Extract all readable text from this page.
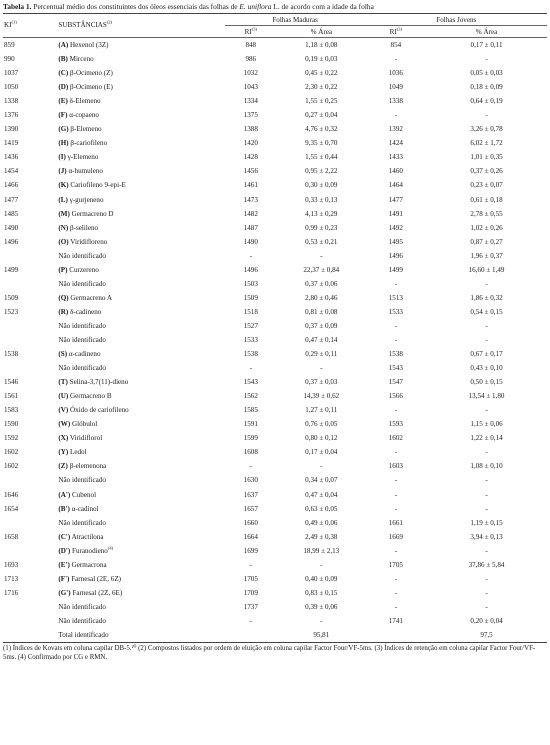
Tabela 1. Percentual médio dos constituintes dos óleos essenciais das folhas de E. uniflora L. de acordo com a idade da folha

KI$^{(1)}$	SUBSTÂNCIAS$^{(2)}$	Folhas Maduras		Folhas Jovens	
		RI$^{(3)}$	% Área	RI$^{(3)}$	% Área
859	(A) Hexenol (3Z)	848	1,18 ± 0,08	854	0,17 ± 0,11
990	(B) Mirceno	986	0,19 ± 0,03	-	-
1037	(C) β-Ocimeno (Z)	1032	0,45 ± 0,22	1036	0,05 ± 0,03
1050	(D) β-Ocimeno (E)	1043	2,30 ± 0,22	1049	0,18 ± 0,09
1338	(E) δ-Elemeno	1334	1,55 ± 0,25	1338	0,64 ± 0,19
1376	(F) α-copaeno	1375	0,27 ± 0,04	-	-
1390	(G) β-Elemeno	1388	4,76 ± 0,32	1392	3,26 ± 0,78
1419	(H) β-cariofileno	1420	9,35 ± 0,70	1424	6,02 ± 1,72
1436	(I) γ-Elemeno	1428	1,55 ± 0,44	1433	1,01 ± 0,35
1454	(J) α-humuleno	1456	0,95 ± 2,22	1460	0,37 ± 0,26
1466	(K) Cariofileno 9-epi-E	1461	0,30 ± 0,09	1464	0,23 ± 0,07
1477	(L) γ-gurjeneno	1473	0,33 ± 0,13	1477	0,61 ± 0,18
1485	(M) Germacreno D	1482	4,13 ± 0,29	1491	2,78 ± 0,55
1490	(N) β-selileno	1487	0,99 ± 0,23	1492	1,02 ± 0,26
1496	(O) Viridifloreno	1490	0,53 ± 0,21	1495	0,87 ± 0,27
	Não identificado	-	-	1496	1,96 ± 0,37
1499	(P) Curzereno	1496	22,37 ± 0,84	1499	16,60 ± 1,49
	Não identificado	1503	0,37 ± 0,06	-	-
1509	(Q) Germacreno A	1509	2,80 ± 0,46	1513	1,86 ± 0,32
1523	(R) δ-cadineno	1518	0,81 ± 0,08	1533	0,54 ± 0,15
	Não identificado	1527	0,37 ± 0,09	-	-
	Não identificado	1533	0,47 ± 0,14	-	-
1538	(S) α-cadineno	1538	0,29 ± 0,11	1538	0,67 ± 0,17
	Não identificado	-	-	1543	0,43 ± 0,10
1546	(T) Selina-3,7(11)-dieno	1543	0,37 ± 0,03	1547	0,50 ± 0,15
1561	(U) Germacreno B	1562	14,39 ± 0,62	1566	13,54 ± 1,80
1583	(V) Óxido de cariofileno	1585	1,27 ± 0,11	-	-
1590	(W) Glóbulol	1591	0,76 ± 0,05	1593	1,15 ± 0,06
1592	(X) Viridiflorol	1599	0,80 ± 0,12	1602	1,22 ± 0,14
1602	(Y) Ledol	1608	0,17 ± 0,04	-	-
1602	(Z) β-elemenona	-	-	1603	1,08 ± 0,10
	Não identificado	1630	0,34 ± 0,07	-	-
1646	(A') Cubenol	1637	0,47 ± 0,04	-	-
1654	(B') α-cadinol	1657	0,63 ± 0,05	-	-
	Não identificado	1660	0,49 ± 0,06	1661	1,19 ± 0,15
1658	(C') Atractilona	1664	2,49 ± 0,38	1669	3,94 ± 0,13
	(D') Furanodieno$^{(4)}$	1699	18,99 ± 2,13	-	-
1693	(E') Germacrona	-	-	1705	37,86 ± 5,84
1713	(F') Farnesal (2E, 6Z)	1705	0,40 ± 0,09	-	-
1716	(G') Farnesal (2Z, 6E)	1709	0,83 ± 0,15	-	-
	Não identificado	1737	0,39 ± 0,06	-	-
	Não identificado	-	-	1741	0,20 ± 0,04
	Total identificado		95,81		97,5
(1) Índices de Kovats em coluna capilar DB-5.²⁰ (2) Compostos listados por ordem de eluição em coluna capilar Factor Four/VF-5ms. (3) Índices de retenção em coluna capilar Factor Four/VF-5ms. (4) Confirmado por CG e RMN.
